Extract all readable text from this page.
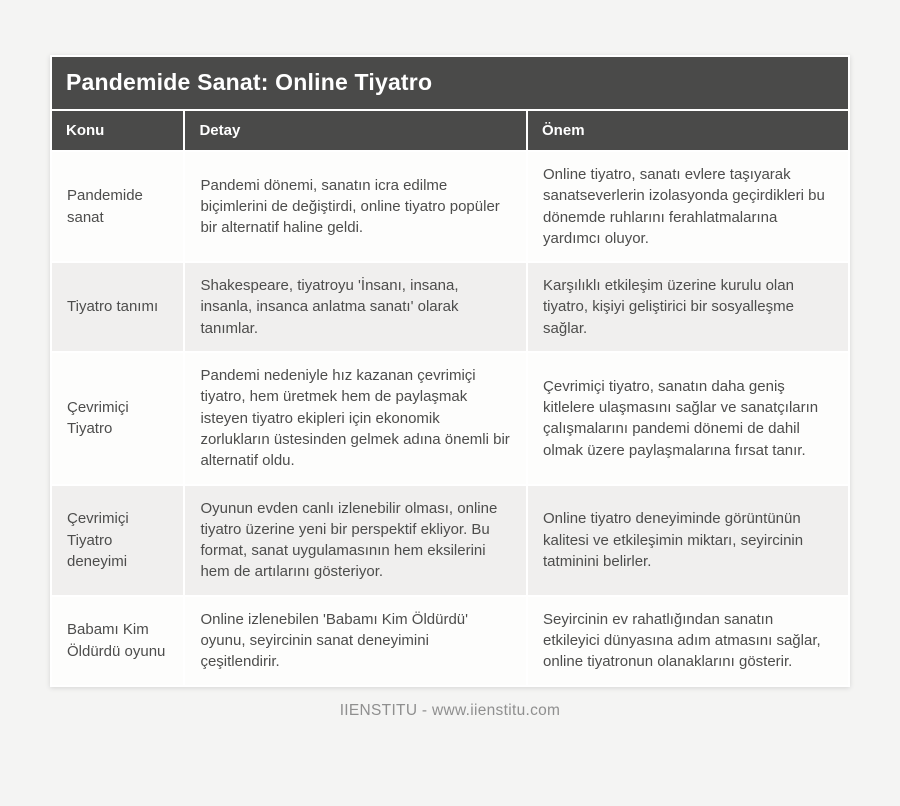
Pandemide Sanat: Online Tiyatro		
Konu	Detay	Önem
Pandemide sanat	Pandemi dönemi, sanatın icra edilme biçimlerini de değiştirdi, online tiyatro popüler bir alternatif haline geldi.	Online tiyatro, sanatı evlere taşıyarak sanatseverlerin izolasyonda geçirdikleri bu dönemde ruhlarını ferahlatmalarına yardımcı oluyor.
Tiyatro tanımı	Shakespeare, tiyatroyu 'İnsanı, insana, insanla, insanca anlatma sanatı' olarak tanımlar.	Karşılıklı etkileşim üzerine kurulu olan tiyatro, kişiyi geliştirici bir sosyalleşme sağlar.
Çevrimiçi Tiyatro	Pandemi nedeniyle hız kazanan çevrimiçi tiyatro, hem üretmek hem de paylaşmak isteyen tiyatro ekipleri için ekonomik zorlukların üstesinden gelmek adına önemli bir alternatif oldu.	Çevrimiçi tiyatro, sanatın daha geniş kitlelere ulaşmasını sağlar ve sanatçıların çalışmalarını pandemi dönemi de dahil olmak üzere paylaşmalarına fırsat tanır.
Çevrimiçi Tiyatro deneyimi	Oyunun evden canlı izlenebilir olması, online tiyatro üzerine yeni bir perspektif ekliyor. Bu format, sanat uygulamasının hem eksilerini hem de artılarını gösteriyor.	Online tiyatro deneyiminde görüntünün kalitesi ve etkileşimin miktarı, seyircinin tatminini belirler.
Babamı Kim Öldürdü oyunu	Online izlenebilen 'Babamı Kim Öldürdü' oyunu, seyircinin sanat deneyimini çeşitlendirir.	Seyircinin ev rahatlığından sanatın etkileyici dünyasına adım atmasını sağlar, online tiyatronun olanaklarını gösterir.
IIENSTITU - www.iienstitu.com
